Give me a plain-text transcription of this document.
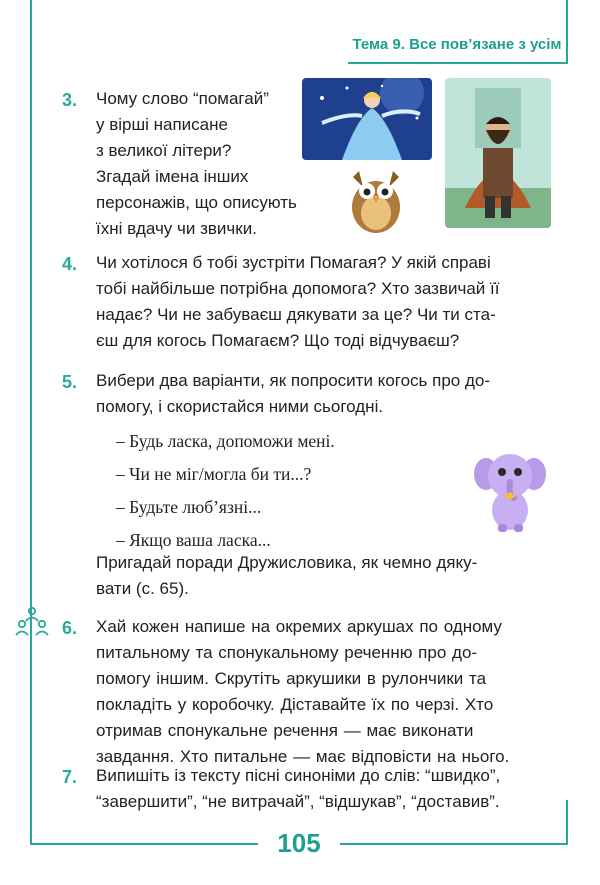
Тема 9. Все пов’язане з усім
3. Чому слово “помагай”
у вірші написане
з великої літери?
Згадай імена інших
персонажів, що описують
їхні вдачу чи звички.
4. Чи хотілося б тобі зустріти Помагая? У якій справі
тобі найбільше потрібна допомога? Хто зазвичай її
надає? Чи не забуваєш дякувати за це? Чи ти ста-
єш для когось Помагаєм? Що тоді відчуваєш?
5. Вибери два варіанти, як попросити когось про до-
помогу, і скористайся ними сьогодні.
– Будь ласка, допоможи мені.
– Чи не міг/могла би ти...?
– Будьте люб’язні...
– Якщо ваша ласка...
Пригадай поради Дружисловика, як чемно дяку-
вати (с. 65).
6. Хай кожен напише на окремих аркушах по одному
питальному та спонукальному реченню про до-
помогу іншим. Скрутіть аркушики в рулончики та
покладіть у коробочку. Діставайте їх по черзі. Хто
отримав спонукальне речення — має виконати
завдання. Хто питальне — має відповісти на нього.
7. Випишіть із тексту пісні синоніми до слів: “швидко”,
“завершити”, “не витрачай”, “відшукав”, “доставив”.
105
